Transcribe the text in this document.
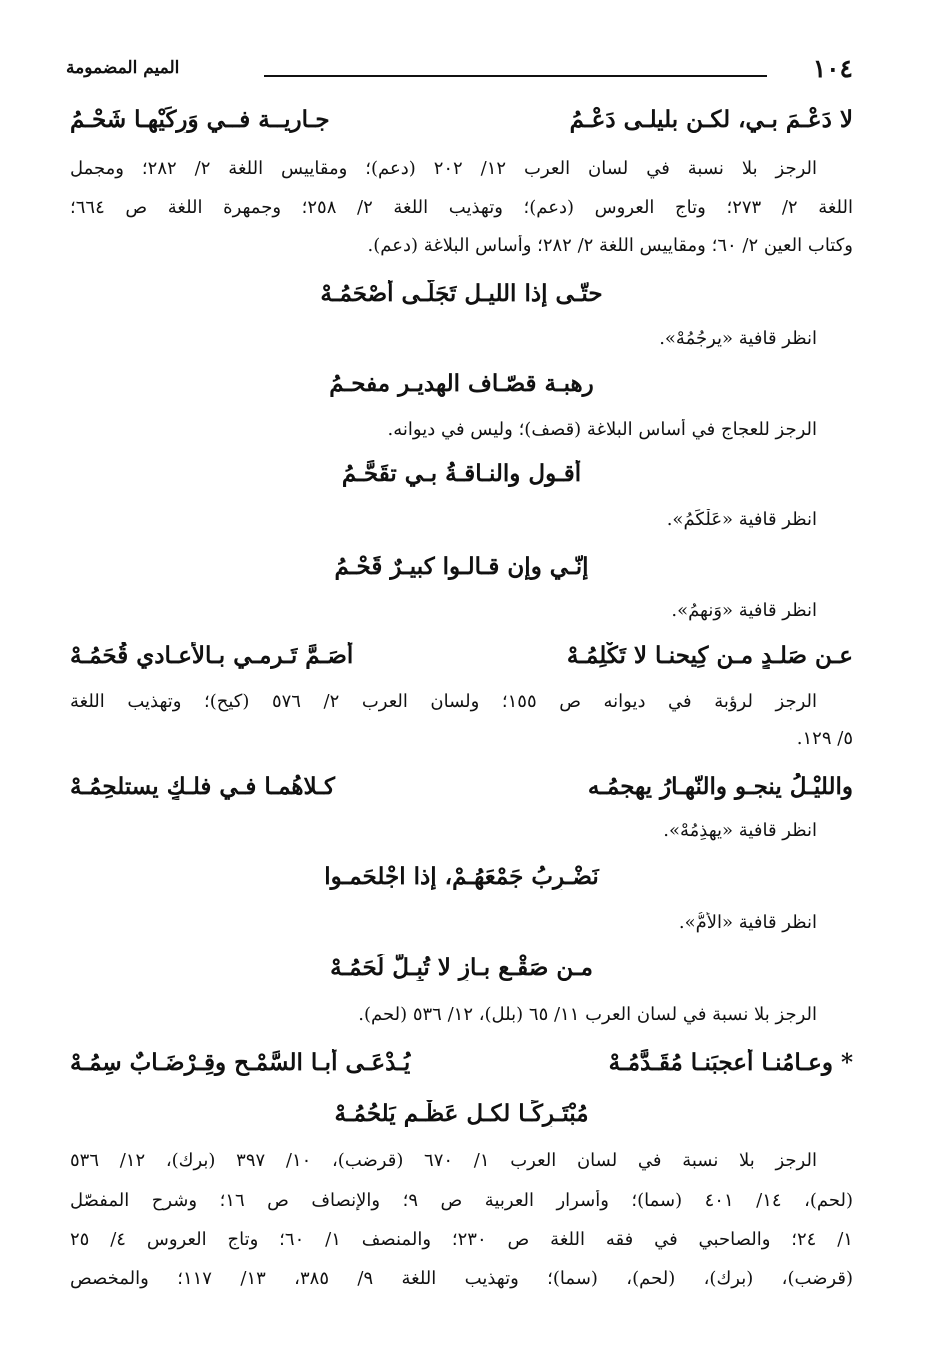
١٠٤
الميم المضمومة
لا دَعْـمَ بـي، لكـن بليلـى دَعْـمُ
جـاريــة فــي وَرِكَيْهـا شَحْـمُ
الرجز بلا نسبة في لسان العرب ١٢/ ٢٠٢ (دعم)؛ ومقاييس اللغة ٢/ ٢٨٢؛ ومجمل
اللغة ٢/ ٢٧٣؛ وتاج العروس (دعم)؛ وتهذيب اللغة ٢/ ٢٥٨؛ وجمهرة اللغة ص ٦٦٤؛
وكتاب العين ٢/ ٦٠؛ ومقاييس اللغة ٢/ ٢٨٢؛ وأساس البلاغة (دعم).
حتّـى إذا الليـل تَجَلّـى أَصْحَمُـهْ
انظر قافية «يرجُمُهْ».
رهبـة قصّـاف الهديـر مفحـمُ
الرجز للعجاج في أساس البلاغة (قصف)؛ وليس في ديوانه.
أقـول والنـاقـةُ بـي تقَحَّـمُ
انظر قافية «عَلْكَمُ».
إنّـي وإن قـالـوا كبيـرٌ قَحْـمُ
انظر قافية «وَنهمُ».
عـن صَلـدٍ مـن كِيحنـا لا تَكْلِمُـهْ
أَصَـمَّ تَـرمـي بـالأعـادي قُحَمُـهْ
الرجز لرؤبة في ديوانه ص ١٥٥؛ ولسان العرب ٢/ ٥٧٦ (كيح)؛ وتهذيب اللغة
٥/ ١٢٩.
والليْـلُ ينجـو والنّهـارُ يهجمُـه
كـلاهُمـا فـي فلـكٍ يستلحِمُـهْ
انظر قافية «يهذِمُهْ».
نَضْـرِبُ جَمْعَهُـمْ، إذا اجْلحَمـوا
انظر قافية «الأَمُّ».
مـن صَقْـعِ بـازٍ لا تُبِـلُّ لُحَمُـهْ
الرجز بلا نسبة في لسان العرب ١١/ ٦٥ (بلل)، ١٢/ ٥٣٦ (لحم).
* وعـامُنـا أعجبَنـا مُقَـدَّمُـهْ
يُـدْعَـى أبـا السَّمْـحِ وقِـرْضَـابٌ سِمُـهْ
مُبْتَـرِكًـا لكـل عَظْـمٍ يَلحُمُـهْ
الرجز بلا نسبة في لسان العرب ١/ ٦٧٠ (قرضب)، ١٠/ ٣٩٧ (برك)، ١٢/ ٥٣٦
(لحم)، ١٤/ ٤٠١ (سما)؛ وأسرار العربية ص ٩؛ والإنصاف ص ١٦؛ وشرح المفصّل
١/ ٢٤؛ والصاحبي في فقه اللغة ص ٢٣٠؛ والمنصف ١/ ٦٠؛ وتاج العروس ٤/ ٢٥
(قرضب)، (برك)، (لحم)، (سما)؛ وتهذيب اللغة ٩/ ٣٨٥، ١٣/ ١١٧؛ والمخصص
